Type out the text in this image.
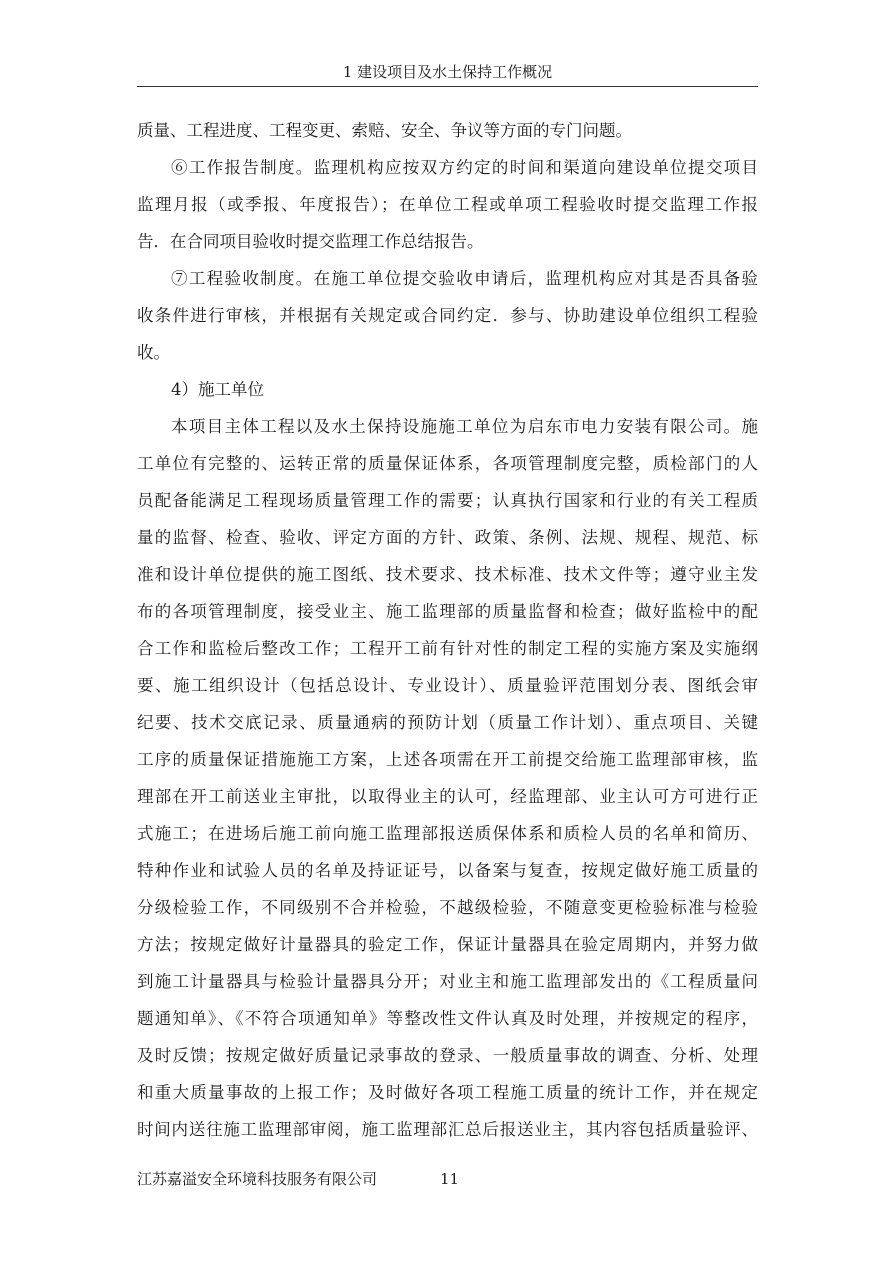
1 建设项目及水土保持工作概况
质量、工程进度、工程变更、索赔、安全、争议等方面的专门问题。
⑥工作报告制度。监理机构应按双方约定的时间和渠道向建设单位提交项目
监理月报（或季报、年度报告）；在单位工程或单项工程验收时提交监理工作报
告．在合同项目验收时提交监理工作总结报告。
⑦工程验收制度。在施工单位提交验收申请后，监理机构应对其是否具备验
收条件进行审核，并根据有关规定或合同约定．参与、协助建设单位组织工程验
收。
4）施工单位
本项目主体工程以及水土保持设施施工单位为启东市电力安装有限公司。施
工单位有完整的、运转正常的质量保证体系，各项管理制度完整，质检部门的人
员配备能满足工程现场质量管理工作的需要；认真执行国家和行业的有关工程质
量的监督、检查、验收、评定方面的方针、政策、条例、法规、规程、规范、标
准和设计单位提供的施工图纸、技术要求、技术标准、技术文件等；遵守业主发
布的各项管理制度，接受业主、施工监理部的质量监督和检查；做好监检中的配
合工作和监检后整改工作；工程开工前有针对性的制定工程的实施方案及实施纲
要、施工组织设计（包括总设计、专业设计）、质量验评范围划分表、图纸会审
纪要、技术交底记录、质量通病的预防计划（质量工作计划）、重点项目、关键
工序的质量保证措施施工方案，上述各项需在开工前提交给施工监理部审核，监
理部在开工前送业主审批，以取得业主的认可，经监理部、业主认可方可进行正
式施工；在进场后施工前向施工监理部报送质保体系和质检人员的名单和简历、
特种作业和试验人员的名单及持证证号，以备案与复查，按规定做好施工质量的
分级检验工作，不同级别不合并检验，不越级检验，不随意变更检验标准与检验
方法；按规定做好计量器具的验定工作，保证计量器具在验定周期内，并努力做
到施工计量器具与检验计量器具分开；对业主和施工监理部发出的《工程质量问
题通知单》、《不符合项通知单》等整改性文件认真及时处理，并按规定的程序，
及时反馈；按规定做好质量记录事故的登录、一般质量事故的调查、分析、处理
和重大质量事故的上报工作；及时做好各项工程施工质量的统计工作，并在规定
时间内送往施工监理部审阅，施工监理部汇总后报送业主，其内容包括质量验评、
江苏嘉溢安全环境科技服务有限公司	11
